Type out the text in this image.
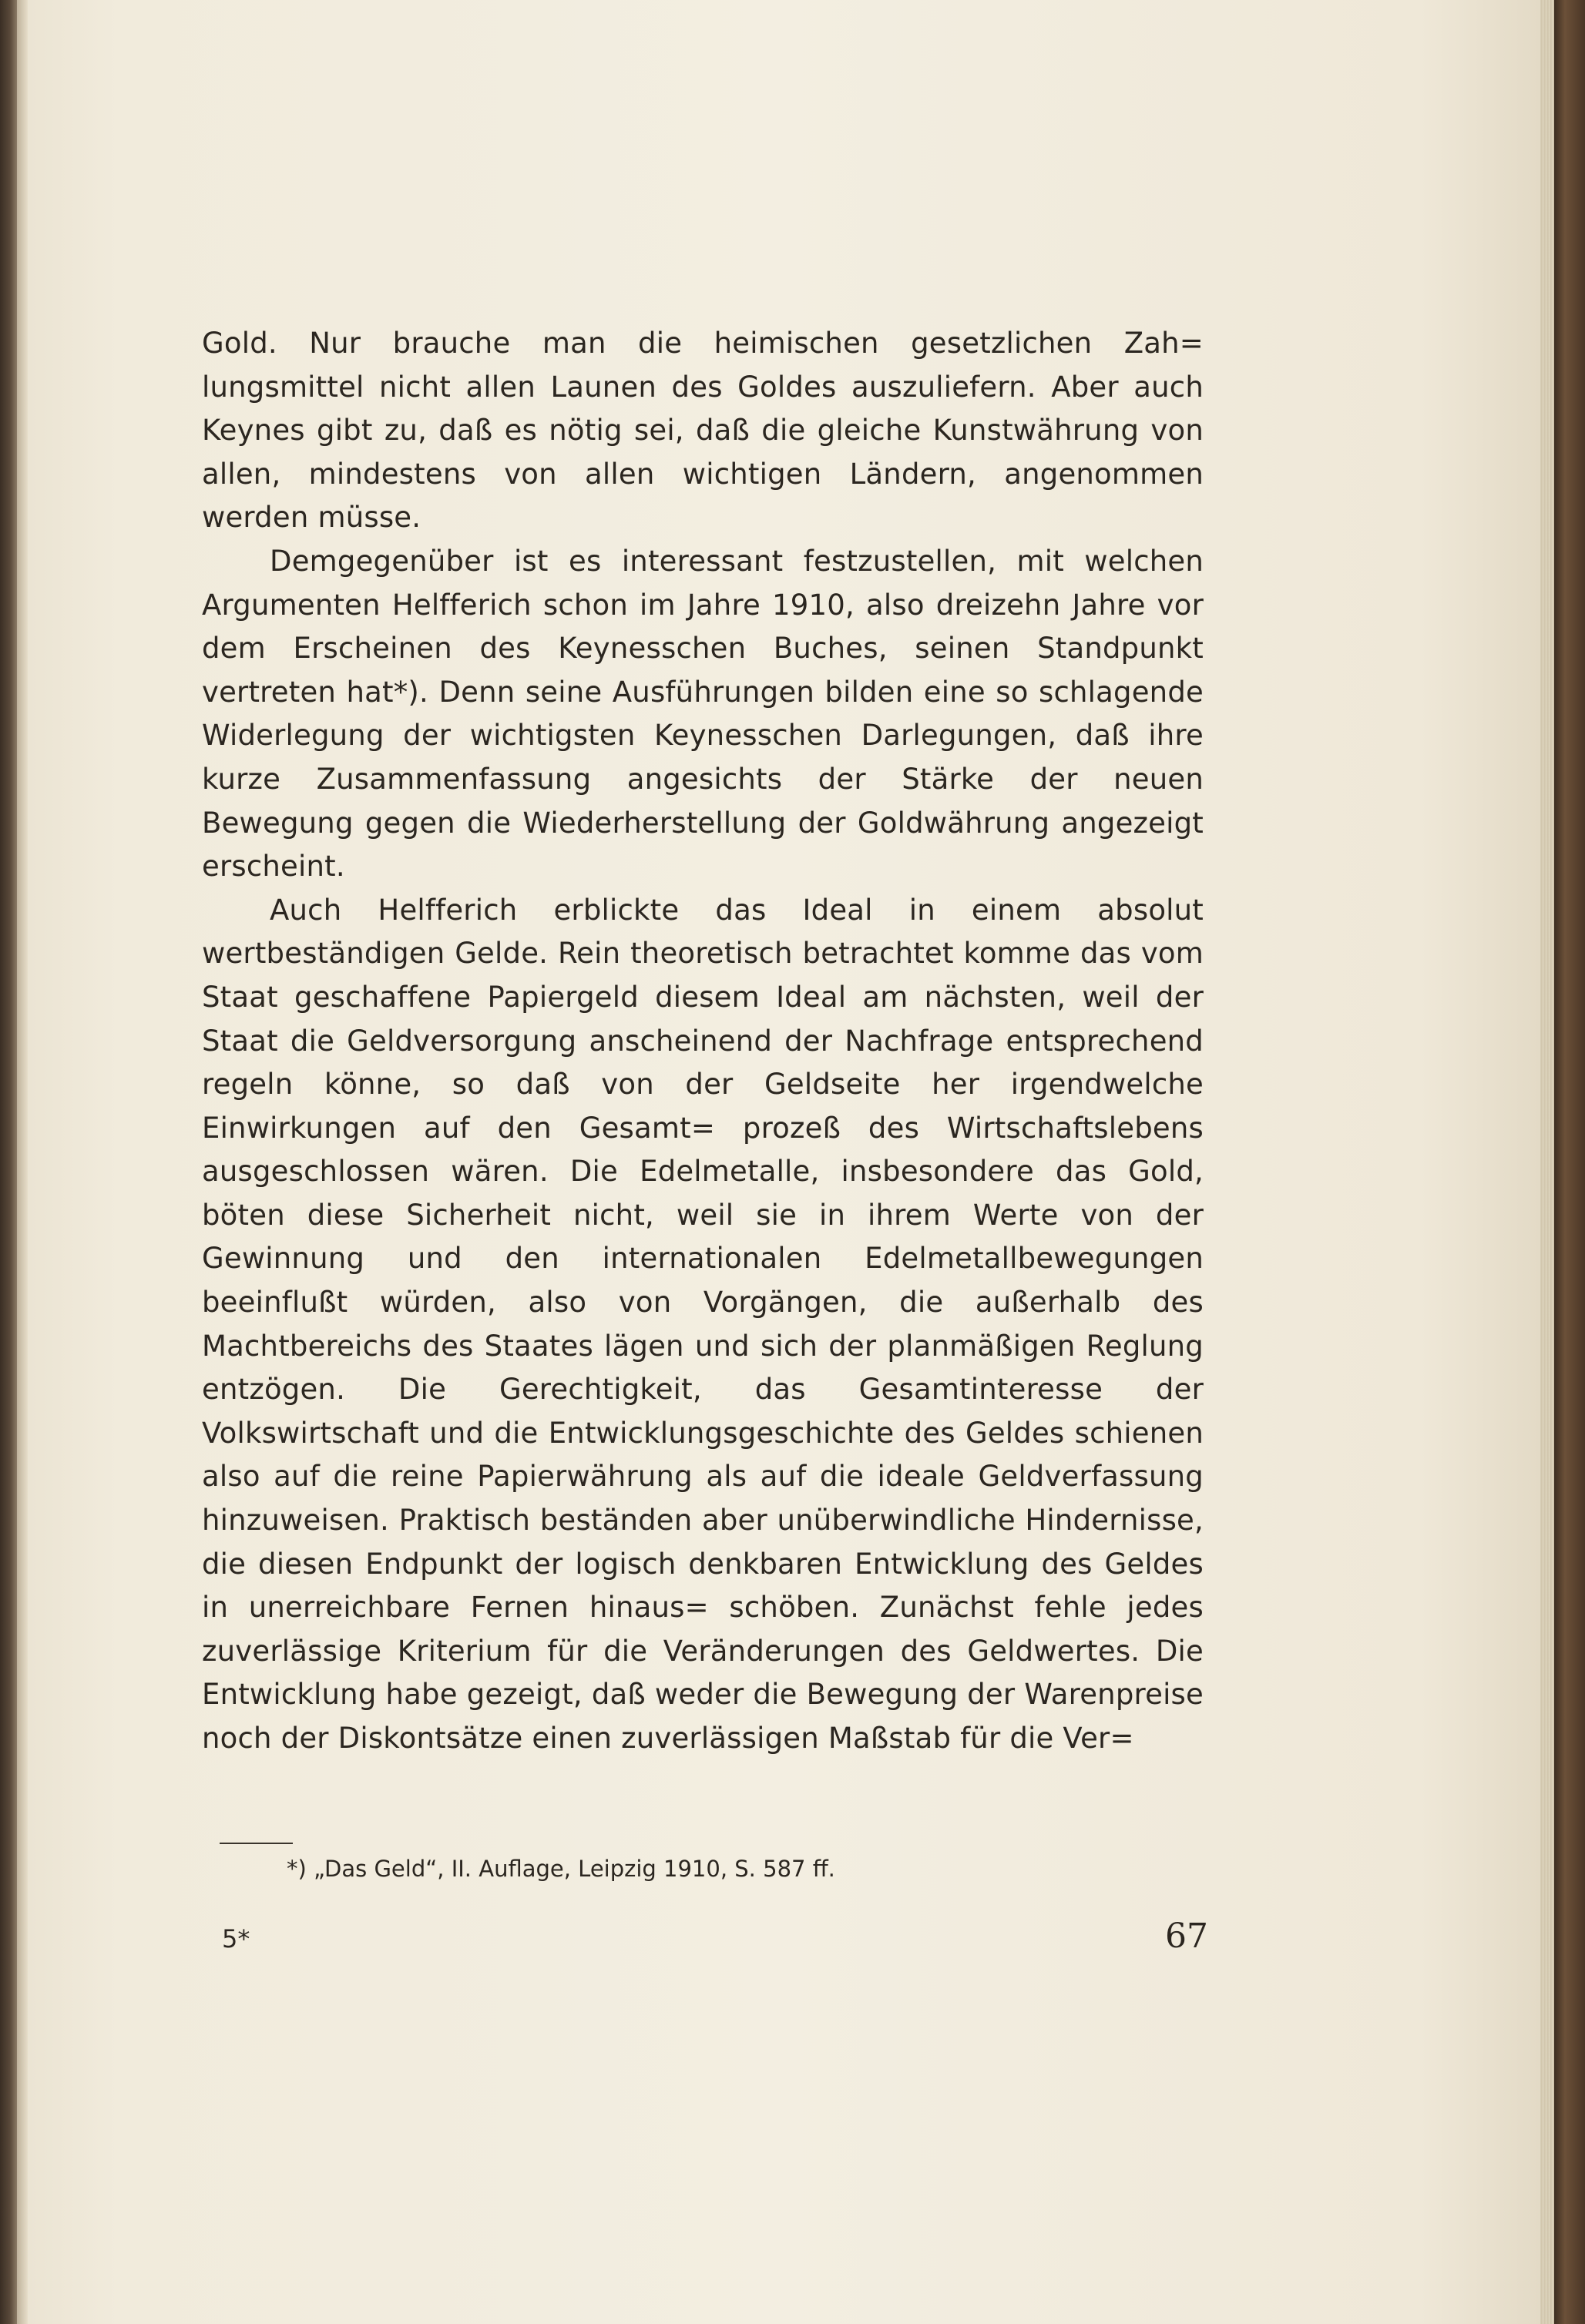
Gold. Nur brauche man die heimischen gesetzlichen Zah= lungsmittel nicht allen Launen des Goldes auszuliefern. Aber auch Keynes gibt zu, daß es nötig sei, daß die gleiche Kunstwährung von allen, mindestens von allen wichtigen Ländern, angenommen werden müsse.

Demgegenüber ist es interessant festzustellen, mit welchen Argumenten Helfferich schon im Jahre 1910, also dreizehn Jahre vor dem Erscheinen des Keynesschen Buches, seinen Standpunkt vertreten hat*). Denn seine Ausführungen bilden eine so schlagende Widerlegung der wichtigsten Keynesschen Darlegungen, daß ihre kurze Zusammenfassung angesichts der Stärke der neuen Bewegung gegen die Wiederherstellung der Goldwährung angezeigt erscheint.

Auch Helfferich erblickte das Ideal in einem absolut wertbeständigen Gelde. Rein theoretisch betrachtet komme das vom Staat geschaffene Papiergeld diesem Ideal am nächsten, weil der Staat die Geldversorgung anscheinend der Nachfrage entsprechend regeln könne, so daß von der Geldseite her irgendwelche Einwirkungen auf den Gesamt= prozeß des Wirtschaftslebens ausgeschlossen wären. Die Edelmetalle, insbesondere das Gold, böten diese Sicherheit nicht, weil sie in ihrem Werte von der Gewinnung und den internationalen Edelmetallbewegungen beeinflußt würden, also von Vorgängen, die außerhalb des Machtbereichs des Staates lägen und sich der planmäßigen Reglung entzögen. Die Gerechtigkeit, das Gesamtinteresse der Volkswirtschaft und die Entwicklungsgeschichte des Geldes schienen also auf die reine Papierwährung als auf die ideale Geldverfassung hinzuweisen. Praktisch beständen aber unüberwindliche Hindernisse, die diesen Endpunkt der logisch denkbaren Entwicklung des Geldes in unerreichbare Fernen hinaus= schöben. Zunächst fehle jedes zuverlässige Kriterium für die Veränderungen des Geldwertes. Die Entwicklung habe gezeigt, daß weder die Bewegung der Warenpreise noch der Diskontsätze einen zuverlässigen Maßstab für die Ver=

*) „Das Geld“, II. Auflage, Leipzig 1910, S. 587 ff.
5*	67
